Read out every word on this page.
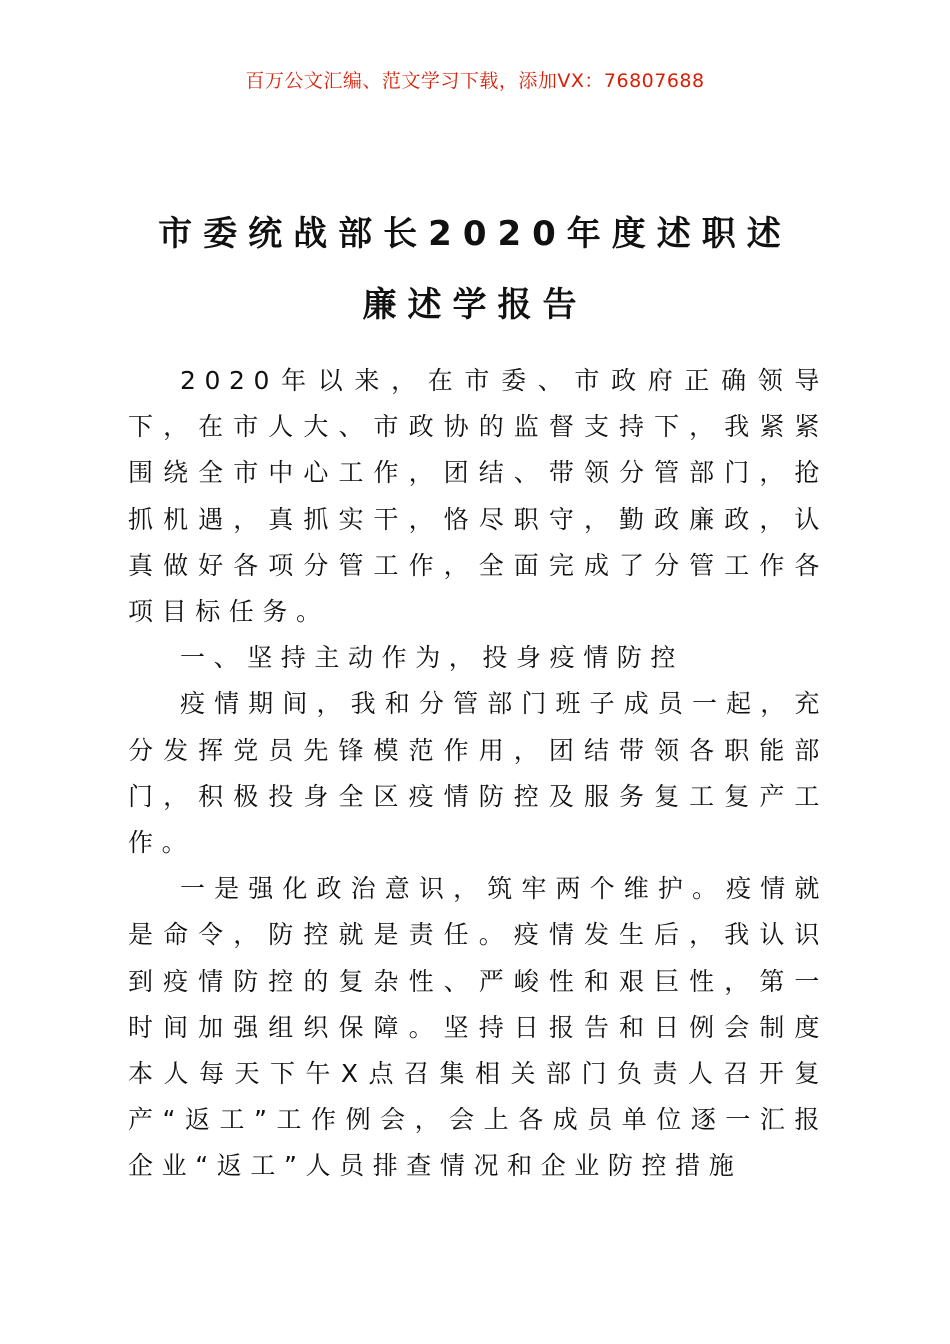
百万公文汇编、范文学习下载，添加VX：76807688
市委统战部长2020年度述职述
廉述学报告

2020年以来，在市委、市政府正确领导下，在市人大、市政协的监督支持下，我紧紧围绕全市中心工作，团结、带领分管部门，抢抓机遇，真抓实干，恪尽职守，勤政廉政，认真做好各项分管工作，全面完成了分管工作各项目标任务。

一、坚持主动作为，投身疫情防控

疫情期间，我和分管部门班子成员一起，充分发挥党员先锋模范作用，团结带领各职能部门，积极投身全区疫情防控及服务复工复产工作。

一是强化政治意识，筑牢两个维护。疫情就是命令，防控就是责任。疫情发生后，我认识到疫情防控的复杂性、严峻性和艰巨性，第一时间加强组织保障。坚持日报告和日例会制度本人每天下午X点召集相关部门负责人召开复产“返工”工作例会，会上各成员单位逐一汇报企业“返工”人员排查情况和企业防控措施
